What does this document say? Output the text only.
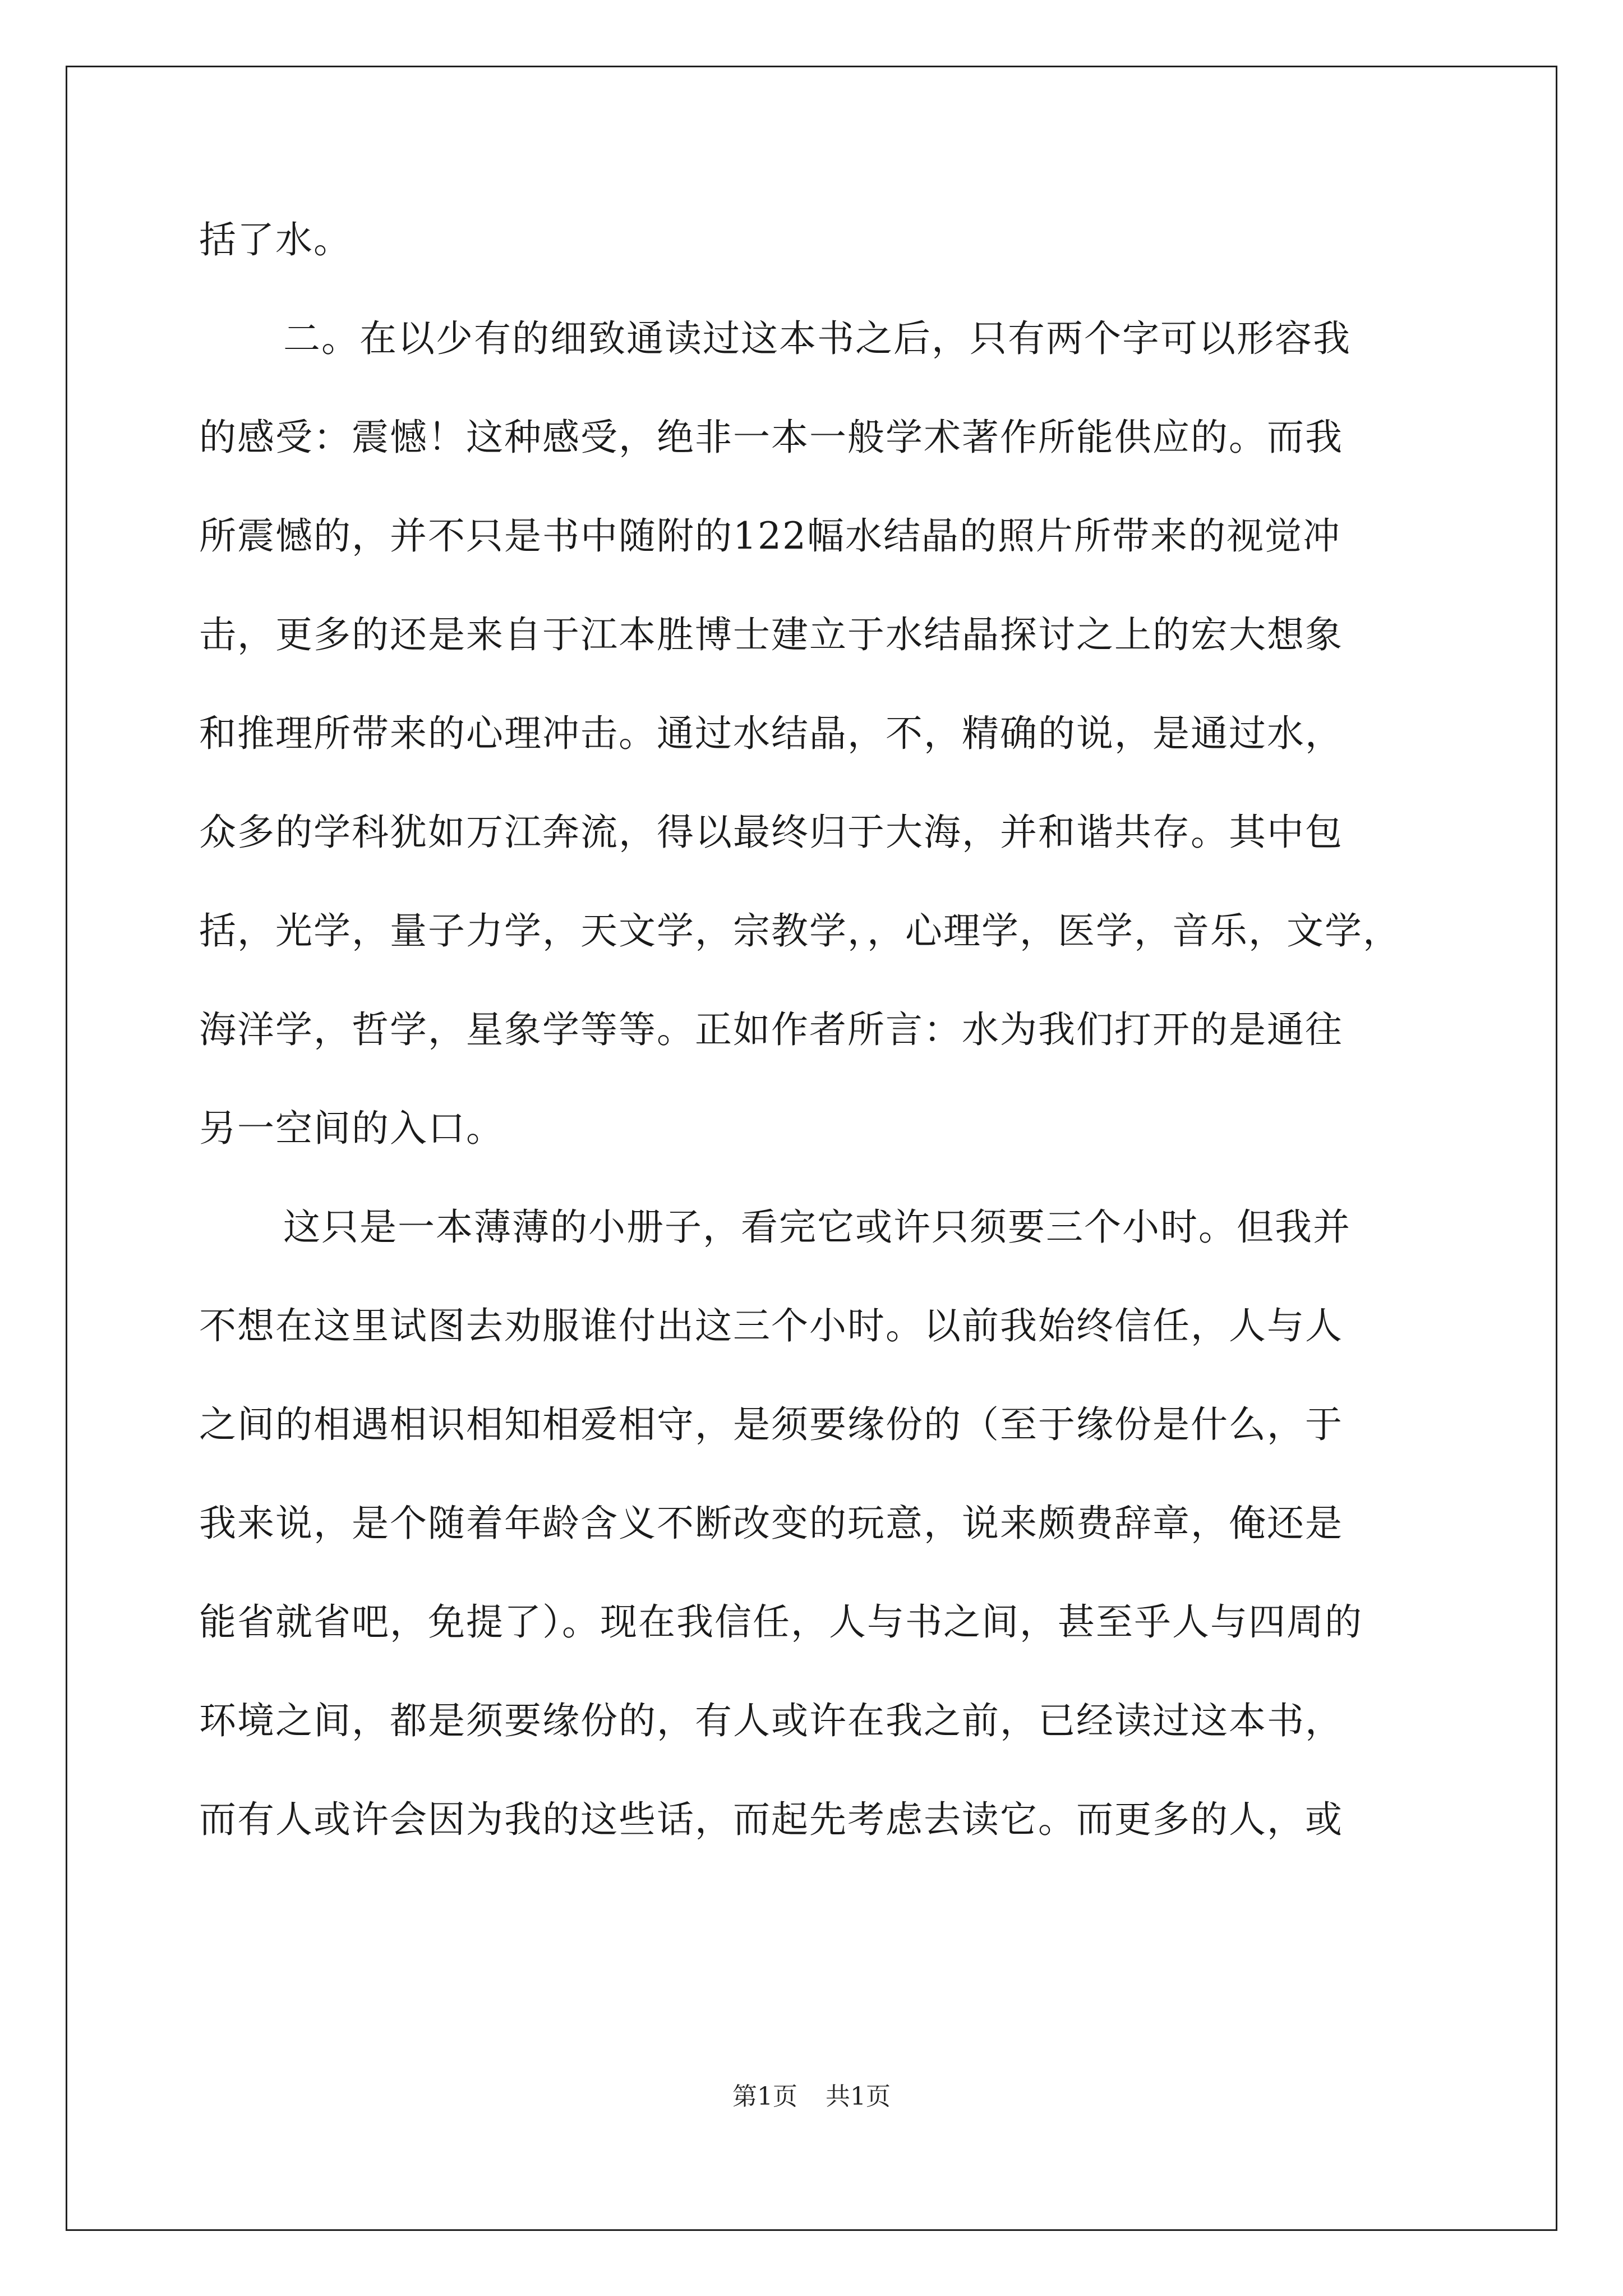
括了水。
二。在以少有的细致通读过这本书之后，只有两个字可以形容我
的感受：震憾！这种感受，绝非一本一般学术著作所能供应的。而我
所震憾的，并不只是书中随附的122幅水结晶的照片所带来的视觉冲
击，更多的还是来自于江本胜博士建立于水结晶探讨之上的宏大想象
和推理所带来的心理冲击。通过水结晶，不，精确的说，是通过水，
众多的学科犹如万江奔流，得以最终归于大海，并和谐共存。其中包
括，光学，量子力学，天文学，宗教学，，心理学，医学，音乐，文学，
海洋学，哲学，星象学等等。正如作者所言：水为我们打开的是通往
另一空间的入口。
这只是一本薄薄的小册子，看完它或许只须要三个小时。但我并
不想在这里试图去劝服谁付出这三个小时。以前我始终信任，人与人
之间的相遇相识相知相爱相守，是须要缘份的（至于缘份是什么，于
我来说，是个随着年龄含义不断改变的玩意，说来颇费辞章，俺还是
能省就省吧，免提了）。现在我信任，人与书之间，甚至乎人与四周的
环境之间，都是须要缘份的，有人或许在我之前，已经读过这本书，
而有人或许会因为我的这些话，而起先考虑去读它。而更多的人，或
第1页 共1页
